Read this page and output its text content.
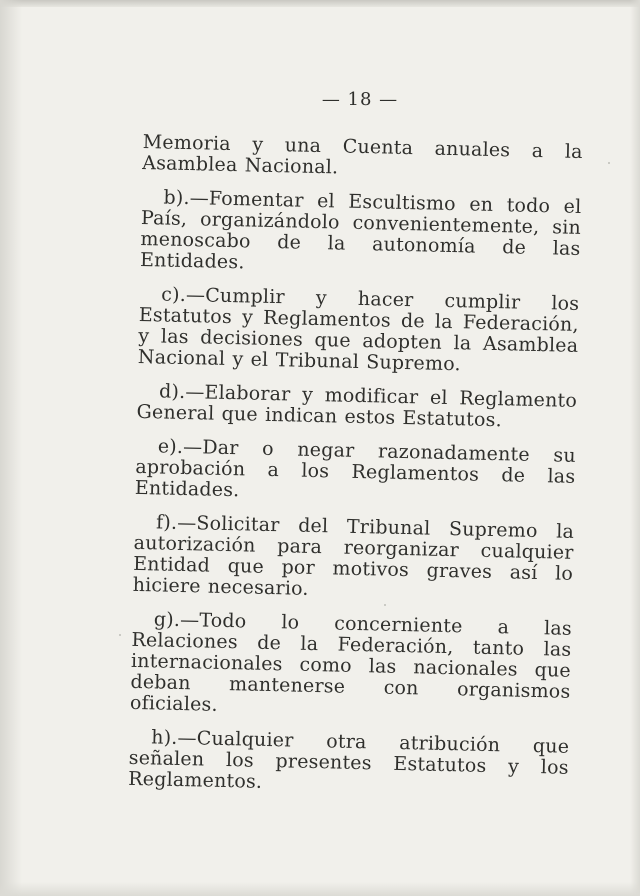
— 18 —

Memoria y una Cuenta anuales a la Asamblea Nacional.

b).—Fomentar el Escultismo en todo el País, organizándolo convenientemente, sin menoscabo de la autonomía de las Entidades.

c).—Cumplir y hacer cumplir los Estatutos y Reglamentos de la Federación, y las decisiones que adopten la Asamblea Nacional y el Tribunal Supremo.

d).—Elaborar y modificar el Reglamento General que indican estos Estatutos.

e).—Dar o negar razonadamente su aprobación a los Reglamentos de las Entidades.

f).—Solicitar del Tribunal Supremo la autorización para reorganizar cualquier Entidad que por motivos graves así lo hiciere necesario.

g).—Todo lo concerniente a las Relaciones de la Federación, tanto las internacionales como las nacionales que deban mantenerse con organismos oficiales.

h).—Cualquier otra atribución que señalen los presentes Estatutos y los Reglamentos.
